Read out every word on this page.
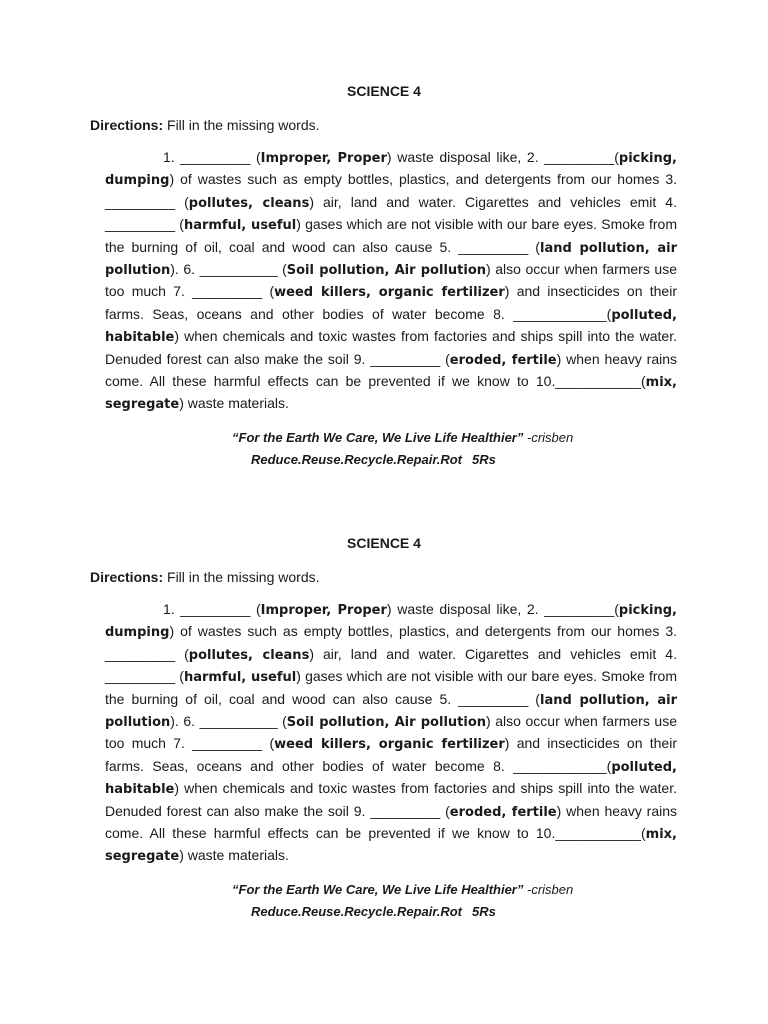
SCIENCE 4
Directions: Fill in the missing words.

1. _________ (Improper, Proper) waste disposal like, 2. _________(picking, dumping) of wastes such as empty bottles, plastics, and detergents from our homes 3. _________ (pollutes, cleans) air, land and water. Cigarettes and vehicles emit 4. _________ (harmful, useful) gases which are not visible with our bare eyes. Smoke from the burning of oil, coal and wood can also cause 5. _________ (land pollution, air pollution). 6. __________ (Soil pollution, Air pollution) also occur when farmers use too much 7. _________ (weed killers, organic fertilizer) and insecticides on their farms. Seas, oceans and other bodies of water become 8. ____________(polluted, habitable) when chemicals and toxic wastes from factories and ships spill into the water. Denuded forest can also make the soil 9. _________ (eroded, fertile) when heavy rains come. All these harmful effects can be prevented if we know to 10.___________(mix, segregate) waste materials.

“For the Earth We Care, We Live Life Healthier” -crisben
Reduce.Reuse.Recycle.Repair.Rot 5Rs
SCIENCE 4
Directions: Fill in the missing words.

1. _________ (Improper, Proper) waste disposal like, 2. _________(picking, dumping) of wastes such as empty bottles, plastics, and detergents from our homes 3. _________ (pollutes, cleans) air, land and water. Cigarettes and vehicles emit 4. _________ (harmful, useful) gases which are not visible with our bare eyes. Smoke from the burning of oil, coal and wood can also cause 5. _________ (land pollution, air pollution). 6. __________ (Soil pollution, Air pollution) also occur when farmers use too much 7. _________ (weed killers, organic fertilizer) and insecticides on their farms. Seas, oceans and other bodies of water become 8. ____________(polluted, habitable) when chemicals and toxic wastes from factories and ships spill into the water. Denuded forest can also make the soil 9. _________ (eroded, fertile) when heavy rains come. All these harmful effects can be prevented if we know to 10.___________(mix, segregate) waste materials.

“For the Earth We Care, We Live Life Healthier” -crisben
Reduce.Reuse.Recycle.Repair.Rot 5Rs
